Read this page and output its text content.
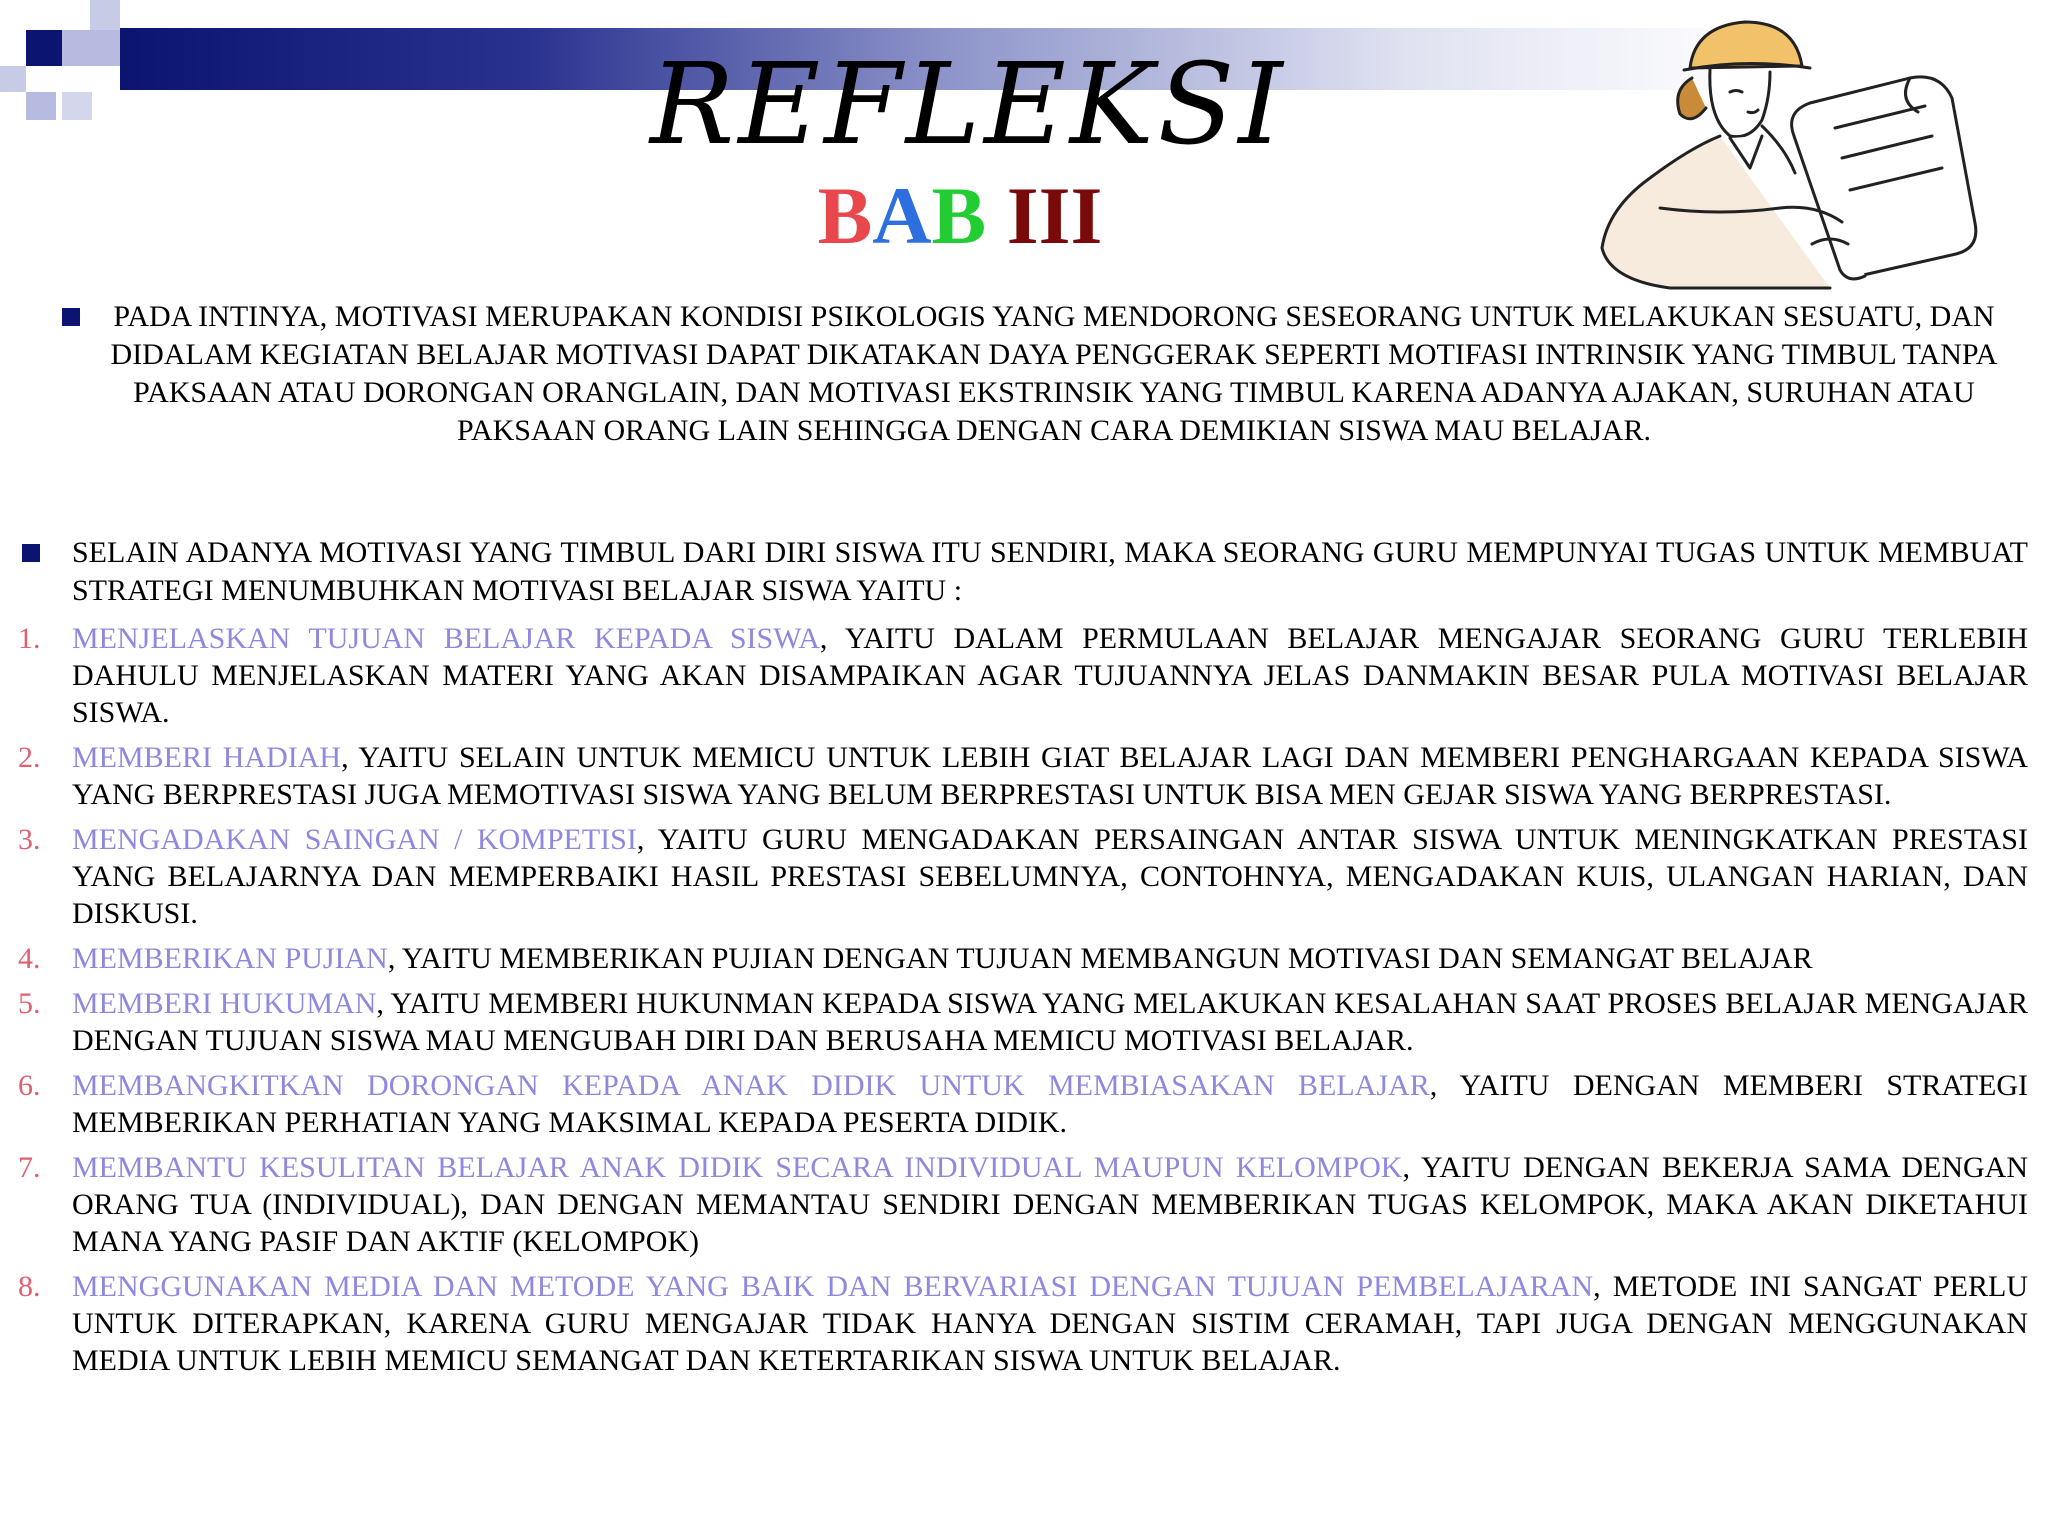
REFLEKSI
BAB III

PADA INTINYA, MOTIVASI MERUPAKAN KONDISI PSIKOLOGIS YANG MENDORONG SESEORANG UNTUK MELAKUKAN SESUATU, DAN DIDALAM KEGIATAN BELAJAR MOTIVASI DAPAT DIKATAKAN DAYA PENGGERAK SEPERTI MOTIFASI INTRINSIK YANG TIMBUL TANPA PAKSAAN ATAU DORONGAN ORANGLAIN, DAN MOTIVASI EKSTRINSIK YANG TIMBUL KARENA ADANYA AJAKAN, SURUHAN ATAU PAKSAAN ORANG LAIN SEHINGGA DENGAN CARA DEMIKIAN SISWA MAU BELAJAR.

SELAIN ADANYA MOTIVASI YANG TIMBUL DARI DIRI SISWA ITU SENDIRI, MAKA SEORANG GURU MEMPUNYAI TUGAS UNTUK MEMBUAT STRATEGI MENUMBUHKAN MOTIVASI BELAJAR SISWA YAITU :

1. MENJELASKAN TUJUAN BELAJAR KEPADA SISWA, YAITU DALAM PERMULAAN BELAJAR MENGAJAR SEORANG GURU TERLEBIH DAHULU MENJELASKAN MATERI YANG AKAN DISAMPAIKAN AGAR TUJUANNYA JELAS DANMAKIN BESAR PULA MOTIVASI BELAJAR SISWA.
2. MEMBERI HADIAH, YAITU SELAIN UNTUK MEMICU UNTUK LEBIH GIAT BELAJAR LAGI DAN MEMBERI PENGHARGAAN KEPADA SISWA YANG BERPRESTASI JUGA MEMOTIVASI SISWA YANG BELUM BERPRESTASI UNTUK BISA MEN GEJAR SISWA YANG BERPRESTASI.
3. MENGADAKAN SAINGAN / KOMPETISI, YAITU GURU MENGADAKAN PERSAINGAN ANTAR SISWA UNTUK MENINGKATKAN PRESTASI YANG BELAJARNYA DAN MEMPERBAIKI HASIL PRESTASI SEBELUMNYA, CONTOHNYA, MENGADAKAN KUIS, ULANGAN HARIAN, DAN DISKUSI.
4. MEMBERIKAN PUJIAN, YAITU MEMBERIKAN PUJIAN DENGAN TUJUAN MEMBANGUN MOTIVASI DAN SEMANGAT BELAJAR
5. MEMBERI HUKUMAN, YAITU MEMBERI HUKUNMAN KEPADA SISWA YANG MELAKUKAN KESALAHAN SAAT PROSES BELAJAR MENGAJAR DENGAN TUJUAN SISWA MAU MENGUBAH DIRI DAN BERUSAHA MEMICU MOTIVASI BELAJAR.
6. MEMBANGKITKAN DORONGAN KEPADA ANAK DIDIK UNTUK MEMBIASAKAN BELAJAR, YAITU DENGAN MEMBERI STRATEGI MEMBERIKAN PERHATIAN YANG MAKSIMAL KEPADA PESERTA DIDIK.
7. MEMBANTU KESULITAN BELAJAR ANAK DIDIK SECARA INDIVIDUAL MAUPUN KELOMPOK, YAITU DENGAN BEKERJA SAMA DENGAN ORANG TUA (INDIVIDUAL), DAN DENGAN MEMANTAU SENDIRI DENGAN MEMBERIKAN TUGAS KELOMPOK, MAKA AKAN DIKETAHUI MANA YANG PASIF DAN AKTIF (KELOMPOK)
8. MENGGUNAKAN MEDIA DAN METODE YANG BAIK DAN BERVARIASI DENGAN TUJUAN PEMBELAJARAN, METODE INI SANGAT PERLU UNTUK DITERAPKAN, KARENA GURU MENGAJAR TIDAK HANYA DENGAN SISTIM CERAMAH, TAPI JUGA DENGAN MENGGUNAKAN MEDIA UNTUK LEBIH MEMICU SEMANGAT DAN KETERTARIKAN SISWA UNTUK BELAJAR.
